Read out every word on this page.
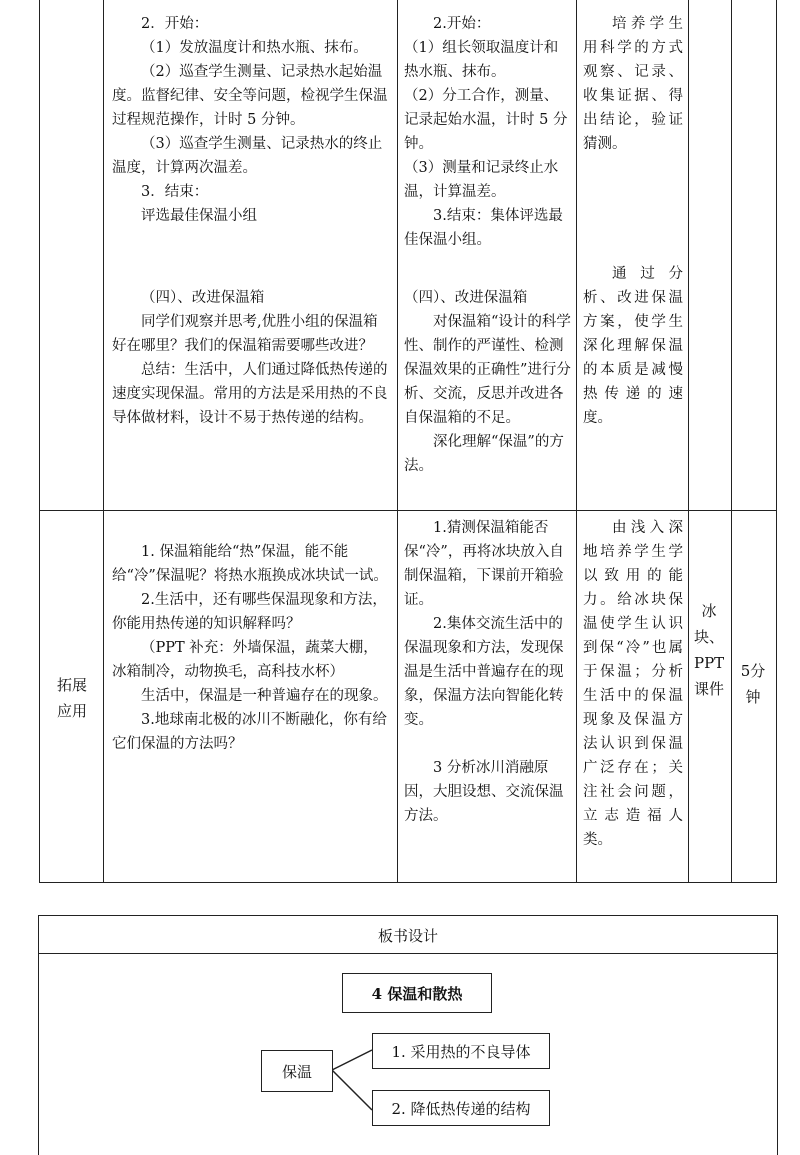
2．开始：

（1）发放温度计和热水瓶、抹布。

（2）巡查学生测量、记录热水起始温度。监督纪律、安全等问题，检视学生保温过程规范操作，计时 5 分钟。

（3）巡查学生测量、记录热水的终止温度，计算两次温差。

3．结束：

评选最佳保温小组

（四）、改进保温箱

同学们观察并思考,优胜小组的保温箱好在哪里？我们的保温箱需要哪些改进？

总结：生活中，人们通过降低热传递的速度实现保温。常用的方法是采用热的不良导体做材料，设计不易于热传递的结构。

2.开始：

（1）组长领取温度计和热水瓶、抹布。

（2）分工合作，测量、记录起始水温，计时 5 分钟。

（3）测量和记录终止水温，计算温差。

3.结束：集体评选最佳保温小组。

（四）、改进保温箱

对保温箱“设计的科学性、制作的严谨性、检测保温效果的正确性”进行分析、交流，反思并改进各自保温箱的不足。

深化理解“保温”的方法。

培养学生用科学的方式观察、记录、收集证据、得出结论，验证猜测。

通过分析、改进保温方案，使学生深化理解保温的本质是减慢热传递的速度。

拓展应用

1. 保温箱能给“热”保温，能不能给“冷”保温呢？将热水瓶换成冰块试一试。

2.生活中，还有哪些保温现象和方法，你能用热传递的知识解释吗？

（PPT 补充：外墙保温，蔬菜大棚，冰箱制冷，动物换毛，高科技水杯）

生活中，保温是一种普遍存在的现象。

3.地球南北极的冰川不断融化，你有给它们保温的方法吗？

1.猜测保温箱能否保“冷”，再将冰块放入自制保温箱，下课前开箱验证。

2.集体交流生活中的保温现象和方法，发现保温是生活中普遍存在的现象，保温方法向智能化转变。

3 分析冰川消融原因，大胆设想、交流保温方法。

由浅入深地培养学生学以致用的能力。给冰块保温使学生认识到保“冷”也属于保温；分析生活中的保温现象及保温方法认识到保温广泛存在；关注社会问题，立志造福人类。

冰块、PPT课件
5分钟
板书设计
4 保温和散热
保温
1. 采用热的不良导体
2. 降低热传递的结构
